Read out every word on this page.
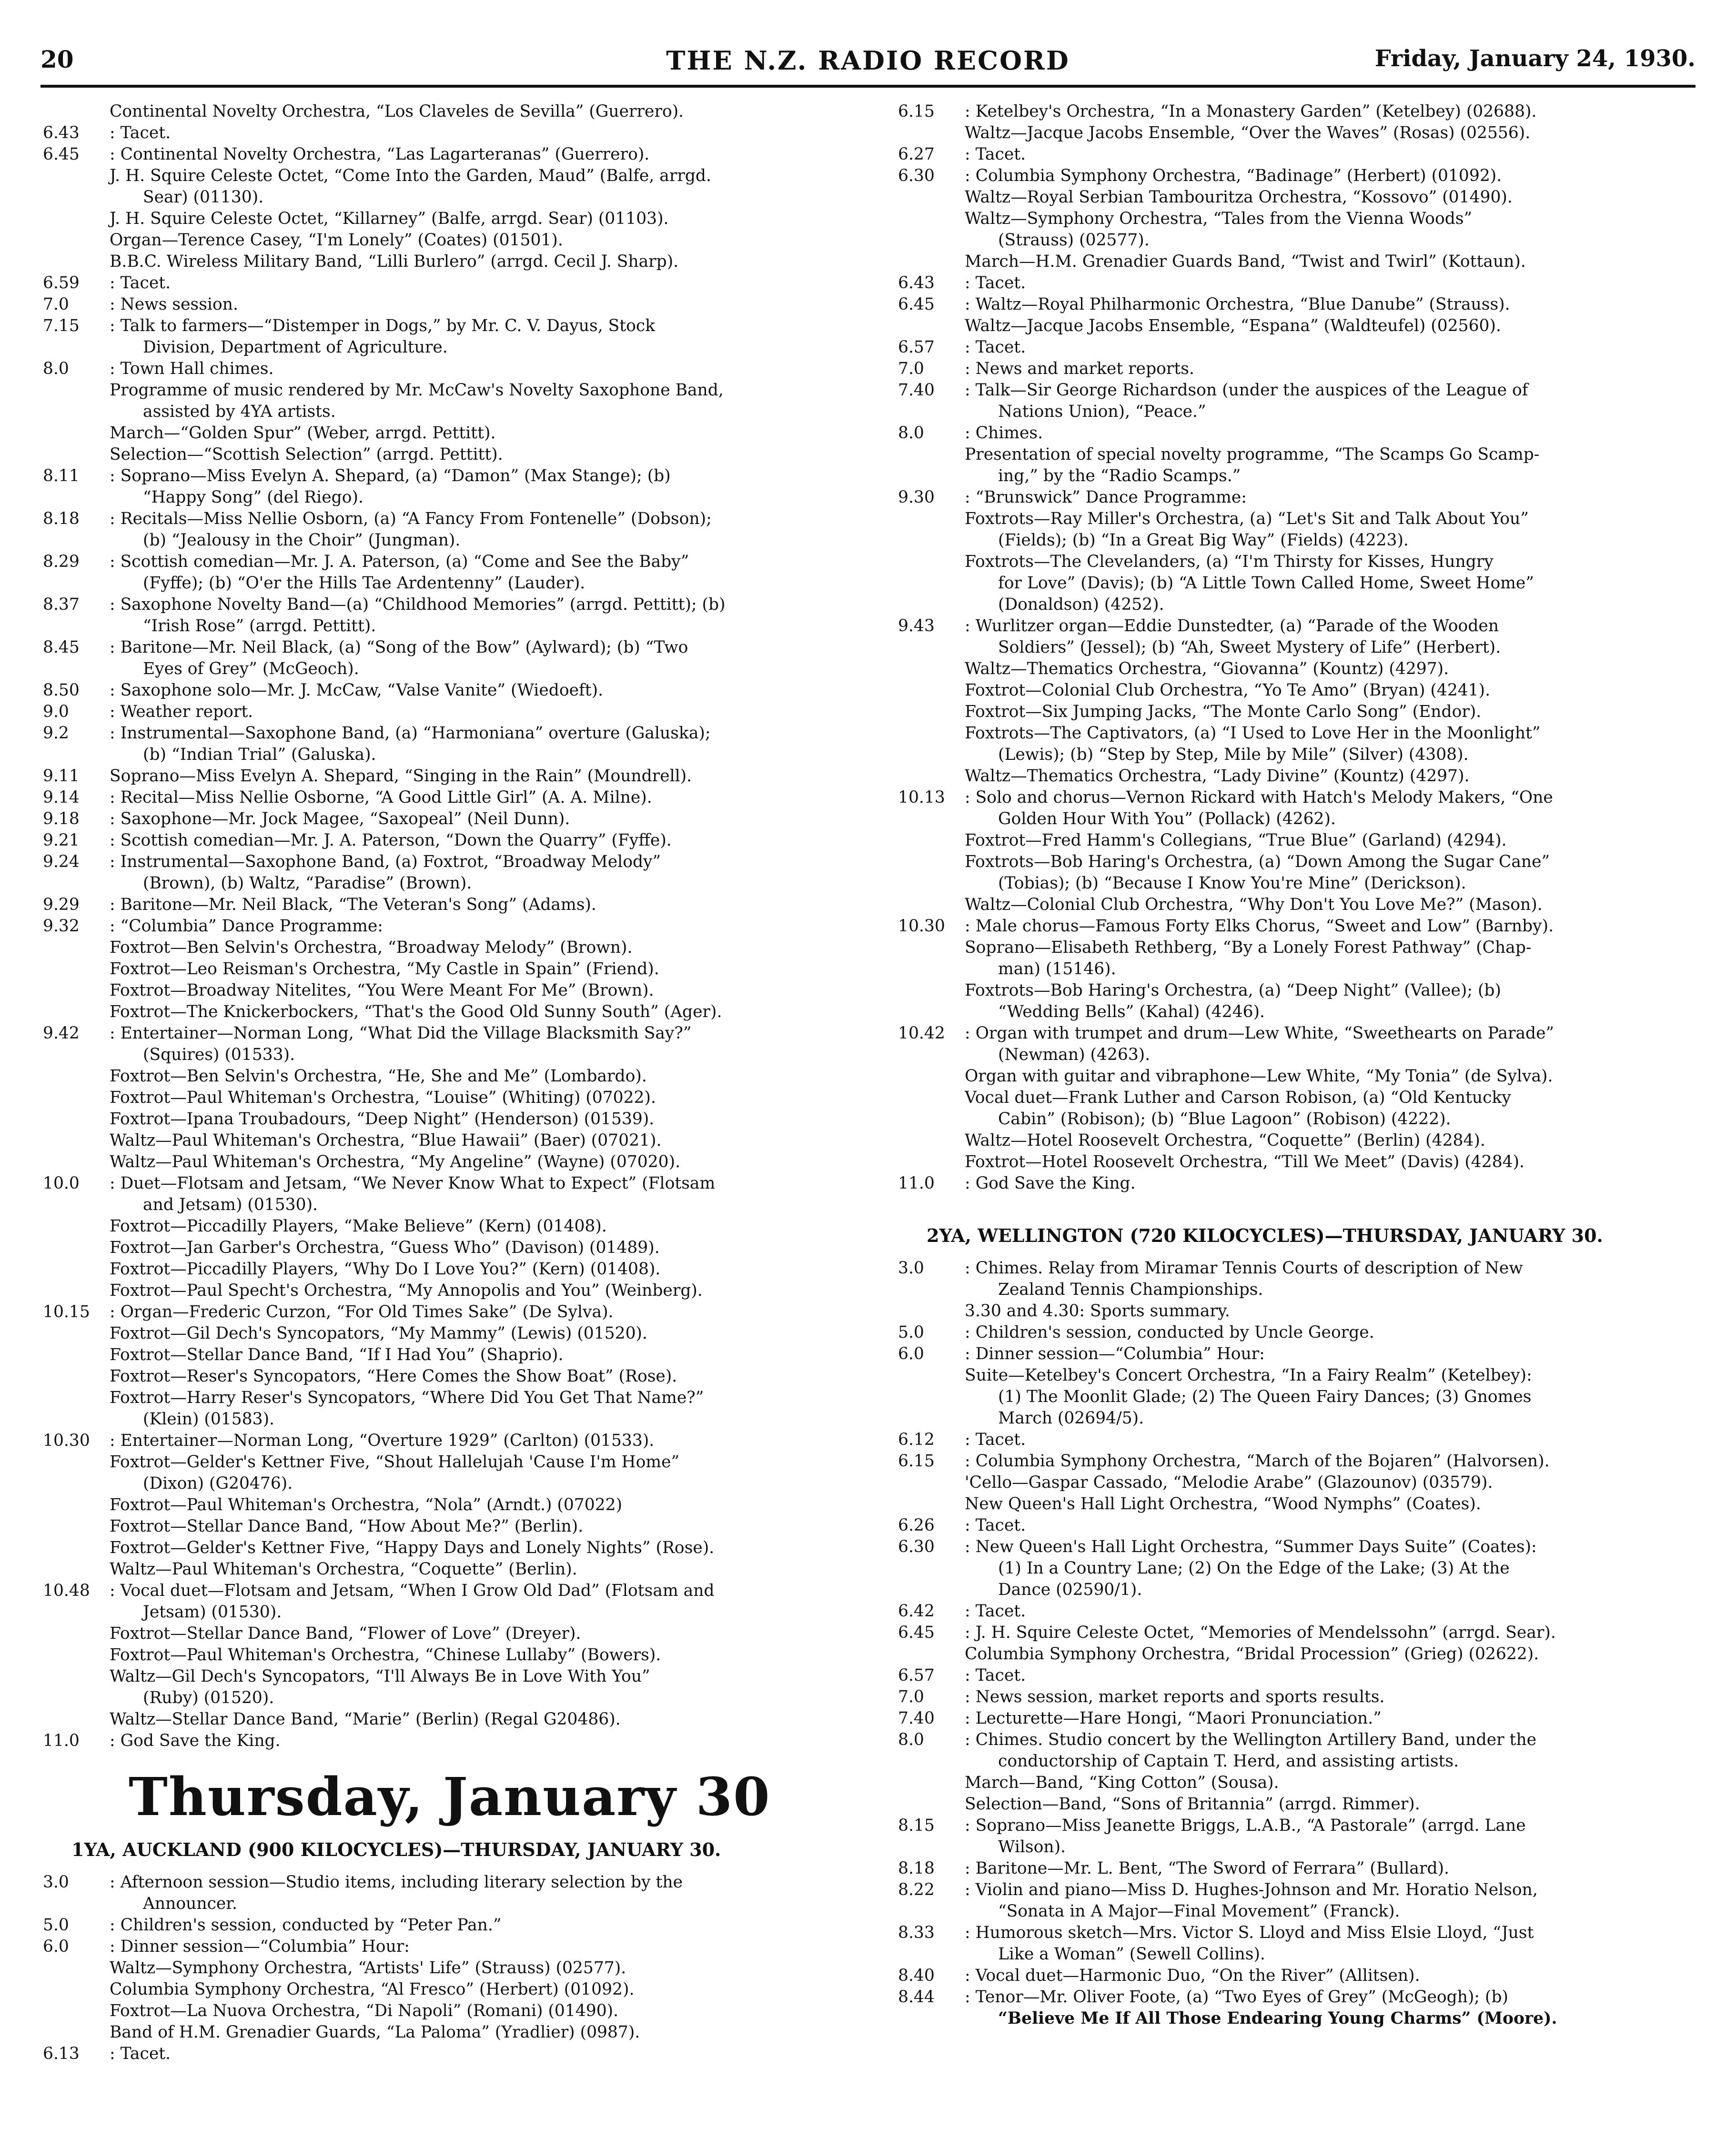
20	THE N.Z. RADIO RECORD	Friday, January 24, 1930.
Continental Novelty Orchestra, “Los Claveles de Sevilla” (Guerrero).
6.43	: Tacet.
6.45	: Continental Novelty Orchestra, “Las Lagarteranas” (Guerrero).
J. H. Squire Celeste Octet, “Come Into the Garden, Maud” (Balfe, arrgd.
Sear) (01130).
J. H. Squire Celeste Octet, “Killarney” (Balfe, arrgd. Sear) (01103).
Organ—Terence Casey, “I'm Lonely” (Coates) (01501).
B.B.C. Wireless Military Band, “Lilli Burlero” (arrgd. Cecil J. Sharp).
6.59	: Tacet.
7.0	: News session.
7.15	: Talk to farmers—“Distemper in Dogs,” by Mr. C. V. Dayus, Stock
Division, Department of Agriculture.
8.0	: Town Hall chimes.
Programme of music rendered by Mr. McCaw's Novelty Saxophone Band,
assisted by 4YA artists.
March—“Golden Spur” (Weber, arrgd. Pettitt).
Selection—“Scottish Selection” (arrgd. Pettitt).
8.11	: Soprano—Miss Evelyn A. Shepard, (a) “Damon” (Max Stange); (b)
“Happy Song” (del Riego).
8.18	: Recitals—Miss Nellie Osborn, (a) “A Fancy From Fontenelle” (Dobson);
(b) “Jealousy in the Choir” (Jungman).
8.29	: Scottish comedian—Mr. J. A. Paterson, (a) “Come and See the Baby”
(Fyffe); (b) “O'er the Hills Tae Ardentenny” (Lauder).
8.37	: Saxophone Novelty Band—(a) “Childhood Memories” (arrgd. Pettitt); (b)
“Irish Rose” (arrgd. Pettitt).
8.45	: Baritone—Mr. Neil Black, (a) “Song of the Bow” (Aylward); (b) “Two
Eyes of Grey” (McGeoch).
8.50	: Saxophone solo—Mr. J. McCaw, “Valse Vanite” (Wiedoeft).
9.0	: Weather report.
9.2	: Instrumental—Saxophone Band, (a) “Harmoniana” overture (Galuska);
(b) “Indian Trial” (Galuska).
9.11	Soprano—Miss Evelyn A. Shepard, “Singing in the Rain” (Moundrell).
9.14	: Recital—Miss Nellie Osborne, “A Good Little Girl” (A. A. Milne).
9.18	: Saxophone—Mr. Jock Magee, “Saxopeal” (Neil Dunn).
9.21	: Scottish comedian—Mr. J. A. Paterson, “Down the Quarry” (Fyffe).
9.24	: Instrumental—Saxophone Band, (a) Foxtrot, “Broadway Melody”
(Brown), (b) Waltz, “Paradise” (Brown).
9.29	: Baritone—Mr. Neil Black, “The Veteran's Song” (Adams).
9.32	: “Columbia” Dance Programme:
Foxtrot—Ben Selvin's Orchestra, “Broadway Melody” (Brown).
Foxtrot—Leo Reisman's Orchestra, “My Castle in Spain” (Friend).
Foxtrot—Broadway Nitelites, “You Were Meant For Me” (Brown).
Foxtrot—The Knickerbockers, “That's the Good Old Sunny South” (Ager).
9.42	: Entertainer—Norman Long, “What Did the Village Blacksmith Say?”
(Squires) (01533).
Foxtrot—Ben Selvin's Orchestra, “He, She and Me” (Lombardo).
Foxtrot—Paul Whiteman's Orchestra, “Louise” (Whiting) (07022).
Foxtrot—Ipana Troubadours, “Deep Night” (Henderson) (01539).
Waltz—Paul Whiteman's Orchestra, “Blue Hawaii” (Baer) (07021).
Waltz—Paul Whiteman's Orchestra, “My Angeline” (Wayne) (07020).
10.0	: Duet—Flotsam and Jetsam, “We Never Know What to Expect” (Flotsam
and Jetsam) (01530).
Foxtrot—Piccadilly Players, “Make Believe” (Kern) (01408).
Foxtrot—Jan Garber's Orchestra, “Guess Who” (Davison) (01489).
Foxtrot—Piccadilly Players, “Why Do I Love You?” (Kern) (01408).
Foxtrot—Paul Specht's Orchestra, “My Annopolis and You” (Weinberg).
10.15	: Organ—Frederic Curzon, “For Old Times Sake” (De Sylva).
Foxtrot—Gil Dech's Syncopators, “My Mammy” (Lewis) (01520).
Foxtrot—Stellar Dance Band, “If I Had You” (Shaprio).
Foxtrot—Reser's Syncopators, “Here Comes the Show Boat” (Rose).
Foxtrot—Harry Reser's Syncopators, “Where Did You Get That Name?”
(Klein) (01583).
10.30	: Entertainer—Norman Long, “Overture 1929” (Carlton) (01533).
Foxtrot—Gelder's Kettner Five, “Shout Hallelujah 'Cause I'm Home”
(Dixon) (G20476).
Foxtrot—Paul Whiteman's Orchestra, “Nola” (Arndt.) (07022)
Foxtrot—Stellar Dance Band, “How About Me?” (Berlin).
Foxtrot—Gelder's Kettner Five, “Happy Days and Lonely Nights” (Rose).
Waltz—Paul Whiteman's Orchestra, “Coquette” (Berlin).
10.48	: Vocal duet—Flotsam and Jetsam, “When I Grow Old Dad” (Flotsam and
Jetsam) (01530).
Foxtrot—Stellar Dance Band, “Flower of Love” (Dreyer).
Foxtrot—Paul Whiteman's Orchestra, “Chinese Lullaby” (Bowers).
Waltz—Gil Dech's Syncopators, “I'll Always Be in Love With You”
(Ruby) (01520).
Waltz—Stellar Dance Band, “Marie” (Berlin) (Regal G20486).
11.0	: God Save the King.
Thursday, January 30
1YA, AUCKLAND (900 KILOCYCLES)—THURSDAY, JANUARY 30.
3.0	: Afternoon session—Studio items, including literary selection by the
Announcer.
5.0	: Children's session, conducted by “Peter Pan.”
6.0	: Dinner session—“Columbia” Hour:
Waltz—Symphony Orchestra, “Artists' Life” (Strauss) (02577).
Columbia Symphony Orchestra, “Al Fresco” (Herbert) (01092).
Foxtrot—La Nuova Orchestra, “Di Napoli” (Romani) (01490).
Band of H.M. Grenadier Guards, “La Paloma” (Yradlier) (0987).
6.13	: Tacet.
6.15	: Ketelbey's Orchestra, “In a Monastery Garden” (Ketelbey) (02688).
Waltz—Jacque Jacobs Ensemble, “Over the Waves” (Rosas) (02556).
6.27	: Tacet.
6.30	: Columbia Symphony Orchestra, “Badinage” (Herbert) (01092).
Waltz—Royal Serbian Tambouritza Orchestra, “Kossovo” (01490).
Waltz—Symphony Orchestra, “Tales from the Vienna Woods”
(Strauss) (02577).
March—H.M. Grenadier Guards Band, “Twist and Twirl” (Kottaun).
6.43	: Tacet.
6.45	: Waltz—Royal Philharmonic Orchestra, “Blue Danube” (Strauss).
Waltz—Jacque Jacobs Ensemble, “Espana” (Waldteufel) (02560).
6.57	: Tacet.
7.0	: News and market reports.
7.40	: Talk—Sir George Richardson (under the auspices of the League of
Nations Union), “Peace.”
8.0	: Chimes.
Presentation of special novelty programme, “The Scamps Go Scamp-
ing,” by the “Radio Scamps.”
9.30	: “Brunswick” Dance Programme:
Foxtrots—Ray Miller's Orchestra, (a) “Let's Sit and Talk About You”
(Fields); (b) “In a Great Big Way” (Fields) (4223).
Foxtrots—The Clevelanders, (a) “I'm Thirsty for Kisses, Hungry
for Love” (Davis); (b) “A Little Town Called Home, Sweet Home”
(Donaldson) (4252).
9.43	: Wurlitzer organ—Eddie Dunstedter, (a) “Parade of the Wooden
Soldiers” (Jessel); (b) “Ah, Sweet Mystery of Life” (Herbert).
Waltz—Thematics Orchestra, “Giovanna” (Kountz) (4297).
Foxtrot—Colonial Club Orchestra, “Yo Te Amo” (Bryan) (4241).
Foxtrot—Six Jumping Jacks, “The Monte Carlo Song” (Endor).
Foxtrots—The Captivators, (a) “I Used to Love Her in the Moonlight”
(Lewis); (b) “Step by Step, Mile by Mile” (Silver) (4308).
Waltz—Thematics Orchestra, “Lady Divine” (Kountz) (4297).
10.13	: Solo and chorus—Vernon Rickard with Hatch's Melody Makers, “One
Golden Hour With You” (Pollack) (4262).
Foxtrot—Fred Hamm's Collegians, “True Blue” (Garland) (4294).
Foxtrots—Bob Haring's Orchestra, (a) “Down Among the Sugar Cane”
(Tobias); (b) “Because I Know You're Mine” (Derickson).
Waltz—Colonial Club Orchestra, “Why Don't You Love Me?” (Mason).
10.30	: Male chorus—Famous Forty Elks Chorus, “Sweet and Low” (Barnby).
Soprano—Elisabeth Rethberg, “By a Lonely Forest Pathway” (Chap-
man) (15146).
Foxtrots—Bob Haring's Orchestra, (a) “Deep Night” (Vallee); (b)
“Wedding Bells” (Kahal) (4246).
10.42	: Organ with trumpet and drum—Lew White, “Sweethearts on Parade”
(Newman) (4263).
Organ with guitar and vibraphone—Lew White, “My Tonia” (de Sylva).
Vocal duet—Frank Luther and Carson Robison, (a) “Old Kentucky
Cabin” (Robison); (b) “Blue Lagoon” (Robison) (4222).
Waltz—Hotel Roosevelt Orchestra, “Coquette” (Berlin) (4284).
Foxtrot—Hotel Roosevelt Orchestra, “Till We Meet” (Davis) (4284).
11.0	: God Save the King.
2YA, WELLINGTON (720 KILOCYCLES)—THURSDAY, JANUARY 30.
3.0	: Chimes. Relay from Miramar Tennis Courts of description of New
Zealand Tennis Championships.
3.30 and 4.30: Sports summary.
5.0	: Children's session, conducted by Uncle George.
6.0	: Dinner session—“Columbia” Hour:
Suite—Ketelbey's Concert Orchestra, “In a Fairy Realm” (Ketelbey):
(1) The Moonlit Glade; (2) The Queen Fairy Dances; (3) Gnomes
March (02694/5).
6.12	: Tacet.
6.15	: Columbia Symphony Orchestra, “March of the Bojaren” (Halvorsen).
'Cello—Gaspar Cassado, “Melodie Arabe” (Glazounov) (03579).
New Queen's Hall Light Orchestra, “Wood Nymphs” (Coates).
6.26	: Tacet.
6.30	: New Queen's Hall Light Orchestra, “Summer Days Suite” (Coates):
(1) In a Country Lane; (2) On the Edge of the Lake; (3) At the
Dance (02590/1).
6.42	: Tacet.
6.45	: J. H. Squire Celeste Octet, “Memories of Mendelssohn” (arrgd. Sear).
Columbia Symphony Orchestra, “Bridal Procession” (Grieg) (02622).
6.57	: Tacet.
7.0	: News session, market reports and sports results.
7.40	: Lecturette—Hare Hongi, “Maori Pronunciation.”
8.0	: Chimes. Studio concert by the Wellington Artillery Band, under the
conductorship of Captain T. Herd, and assisting artists.
March—Band, “King Cotton” (Sousa).
Selection—Band, “Sons of Britannia” (arrgd. Rimmer).
8.15	: Soprano—Miss Jeanette Briggs, L.A.B., “A Pastorale” (arrgd. Lane
Wilson).
8.18	: Baritone—Mr. L. Bent, “The Sword of Ferrara” (Bullard).
8.22	: Violin and piano—Miss D. Hughes-Johnson and Mr. Horatio Nelson,
“Sonata in A Major—Final Movement” (Franck).
8.33	: Humorous sketch—Mrs. Victor S. Lloyd and Miss Elsie Lloyd, “Just
Like a Woman” (Sewell Collins).
8.40	: Vocal duet—Harmonic Duo, “On the River” (Allitsen).
8.44	: Tenor—Mr. Oliver Foote, (a) “Two Eyes of Grey” (McGeogh); (b)
“Believe Me If All Those Endearing Young Charms” (Moore).
